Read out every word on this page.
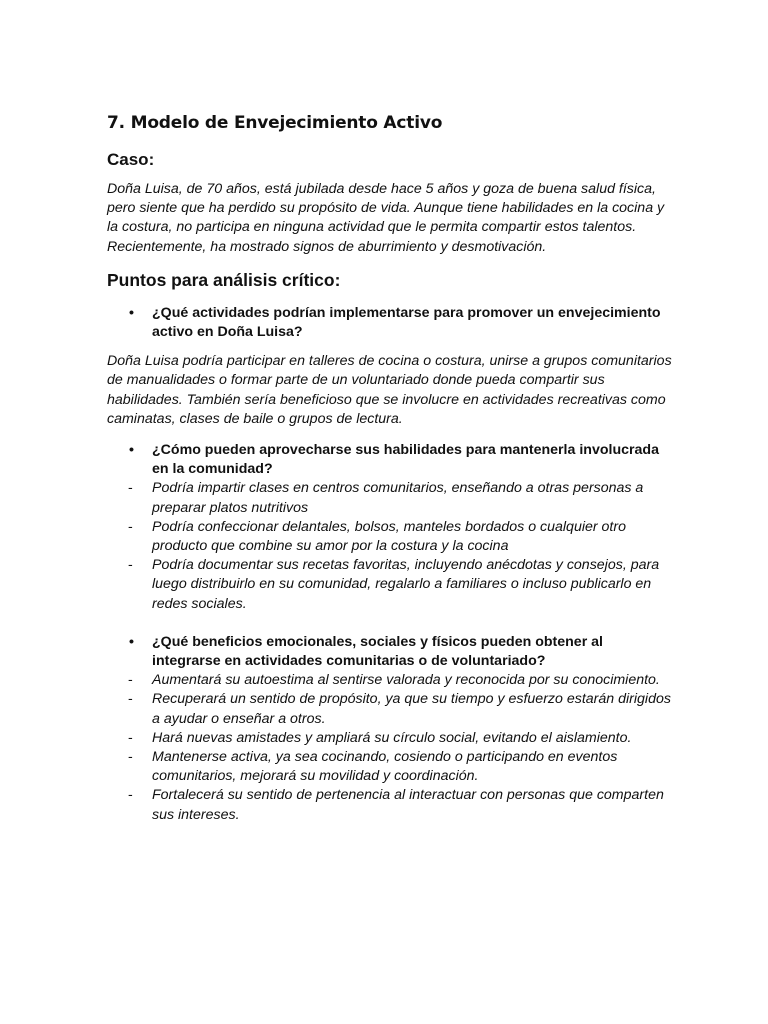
7. Modelo de Envejecimiento Activo
Caso:

Doña Luisa, de 70 años, está jubilada desde hace 5 años y goza de buena salud física, pero siente que ha perdido su propósito de vida. Aunque tiene habilidades en la cocina y la costura, no participa en ninguna actividad que le permita compartir estos talentos. Recientemente, ha mostrado signos de aburrimiento y desmotivación.

Puntos para análisis crítico:

• ¿Qué actividades podrían implementarse para promover un envejecimiento activo en Doña Luisa?

Doña Luisa podría participar en talleres de cocina o costura, unirse a grupos comunitarios de manualidades o formar parte de un voluntariado donde pueda compartir sus habilidades. También sería beneficioso que se involucre en actividades recreativas como caminatas, clases de baile o grupos de lectura.

• ¿Cómo pueden aprovecharse sus habilidades para mantenerla involucrada en la comunidad?

- Podría impartir clases en centros comunitarios, enseñando a otras personas a preparar platos nutritivos
- Podría confeccionar delantales, bolsos, manteles bordados o cualquier otro producto que combine su amor por la costura y la cocina
- Podría documentar sus recetas favoritas, incluyendo anécdotas y consejos, para luego distribuirlo en su comunidad, regalarlo a familiares o incluso publicarlo en redes sociales.

• ¿Qué beneficios emocionales, sociales y físicos pueden obtener al integrarse en actividades comunitarias o de voluntariado?

- Aumentará su autoestima al sentirse valorada y reconocida por su conocimiento.
- Recuperará un sentido de propósito, ya que su tiempo y esfuerzo estarán dirigidos a ayudar o enseñar a otros.
- Hará nuevas amistades y ampliará su círculo social, evitando el aislamiento.
- Mantenerse activa, ya sea cocinando, cosiendo o participando en eventos comunitarios, mejorará su movilidad y coordinación.
- Fortalecerá su sentido de pertenencia al interactuar con personas que comparten sus intereses.
